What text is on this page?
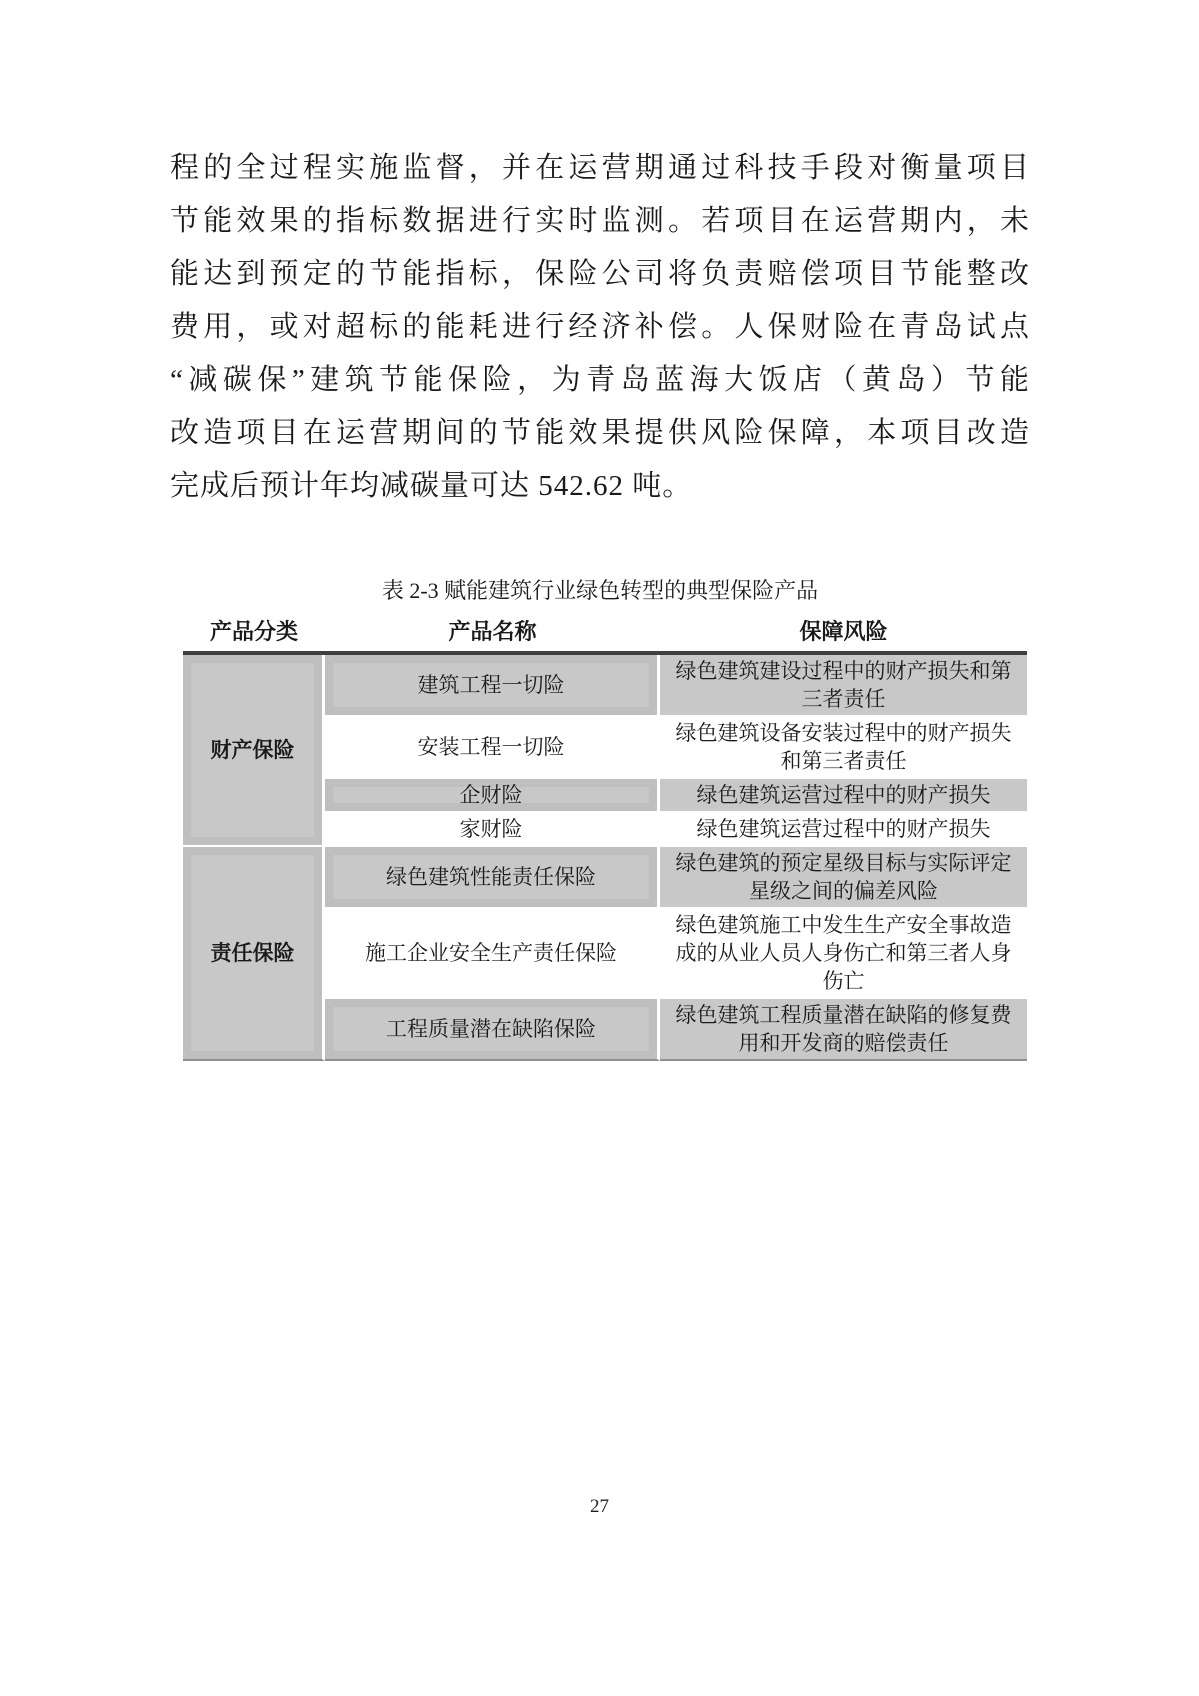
程的全过程实施监督，并在运营期通过科技手段对衡量项目
节能效果的指标数据进行实时监测。若项目在运营期内，未
能达到预定的节能指标，保险公司将负责赔偿项目节能整改
费用，或对超标的能耗进行经济补偿。人保财险在青岛试点
“减碳保”建筑节能保险，为青岛蓝海大饭店（黄岛）节能
改造项目在运营期间的节能效果提供风险保障，本项目改造
完成后预计年均减碳量可达 542.62 吨。
表 2-3 赋能建筑行业绿色转型的典型保险产品
产品分类	产品名称	保障风险
财产保险	建筑工程一切险	绿色建筑建设过程中的财产损失和第三者责任
	安装工程一切险	绿色建筑设备安装过程中的财产损失和第三者责任
	企财险	绿色建筑运营过程中的财产损失
	家财险	绿色建筑运营过程中的财产损失
责任保险	绿色建筑性能责任保险	绿色建筑的预定星级目标与实际评定星级之间的偏差风险
	施工企业安全生产责任保险	绿色建筑施工中发生生产安全事故造成的从业人员人身伤亡和第三者人身伤亡
	工程质量潜在缺陷保险	绿色建筑工程质量潜在缺陷的修复费用和开发商的赔偿责任
27
